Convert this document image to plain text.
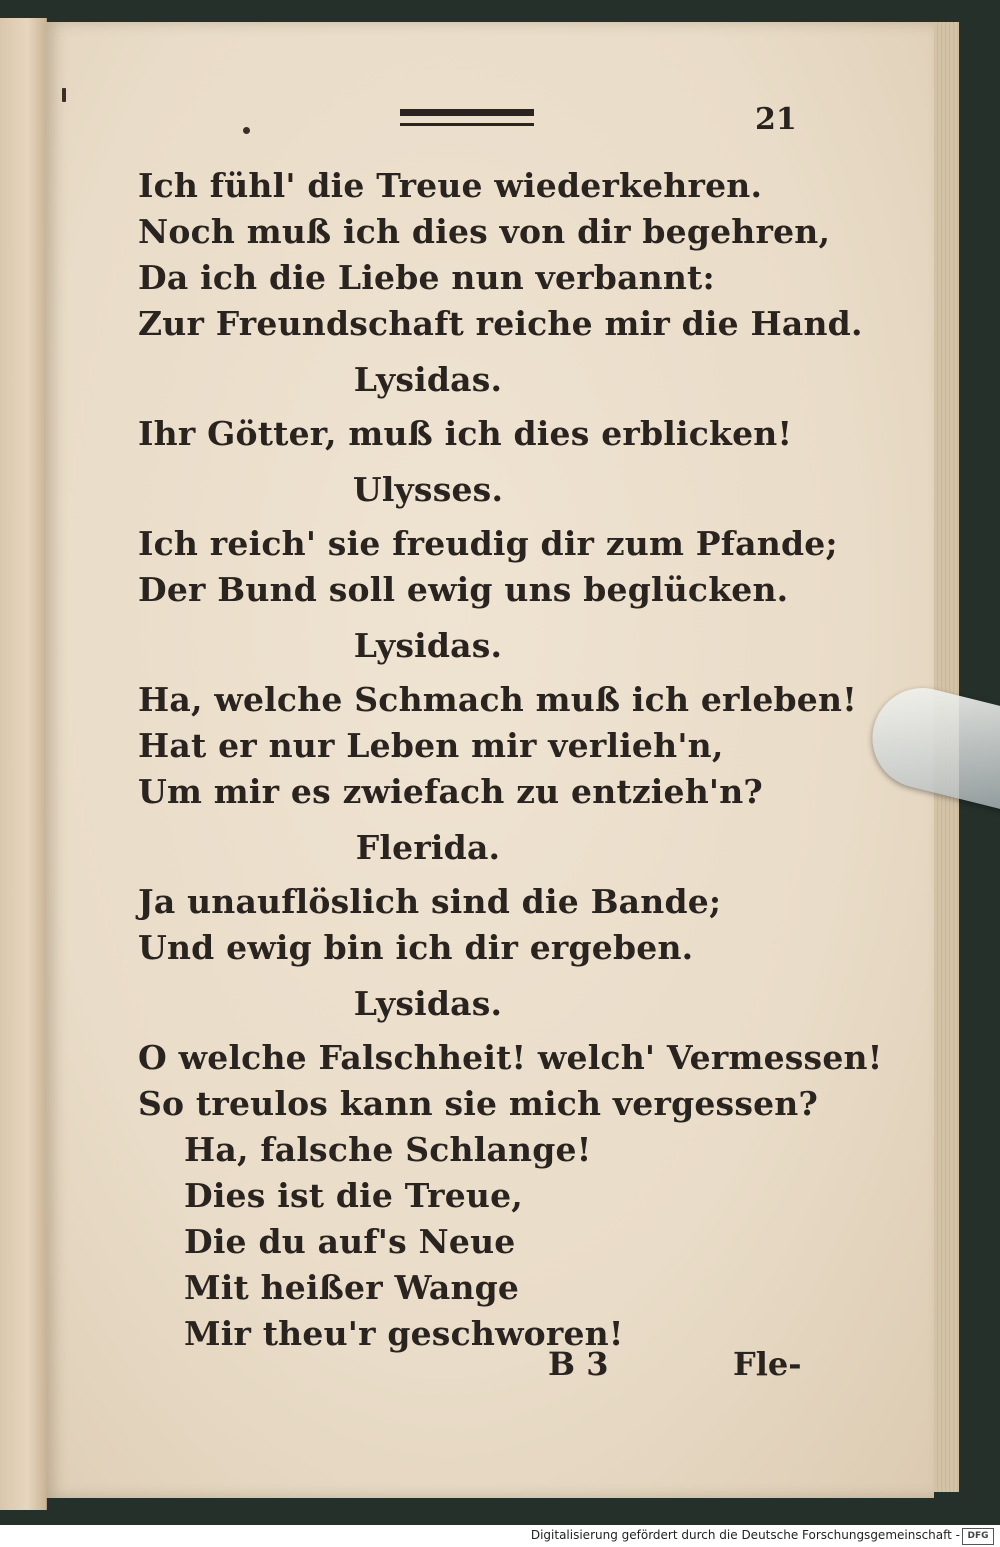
21
Ich fühl' die Treue wiederkehren.
Noch muß ich dies von dir begehren,
Da ich die Liebe nun verbannt:
Zur Freundschaft reiche mir die Hand.
Lysidas.
Ihr Götter, muß ich dies erblicken!
Ulysses.
Ich reich' sie freudig dir zum Pfande;
Der Bund soll ewig uns beglücken.
Lysidas.
Ha, welche Schmach muß ich erleben!
Hat er nur Leben mir verlieh'n,
Um mir es zwiefach zu entzieh'n?
Flerida.
Ja unauflöslich sind die Bande;
Und ewig bin ich dir ergeben.
Lysidas.
O welche Falschheit! welch' Vermessen!
So treulos kann sie mich vergessen?
Ha, falsche Schlange!
Dies ist die Treue,
Die du auf's Neue
Mit heißer Wange
Mir theu'r geschworen!
B 3	Fle-
Digitalisierung gefördert durch die Deutsche Forschungsgemeinschaft - DFG
